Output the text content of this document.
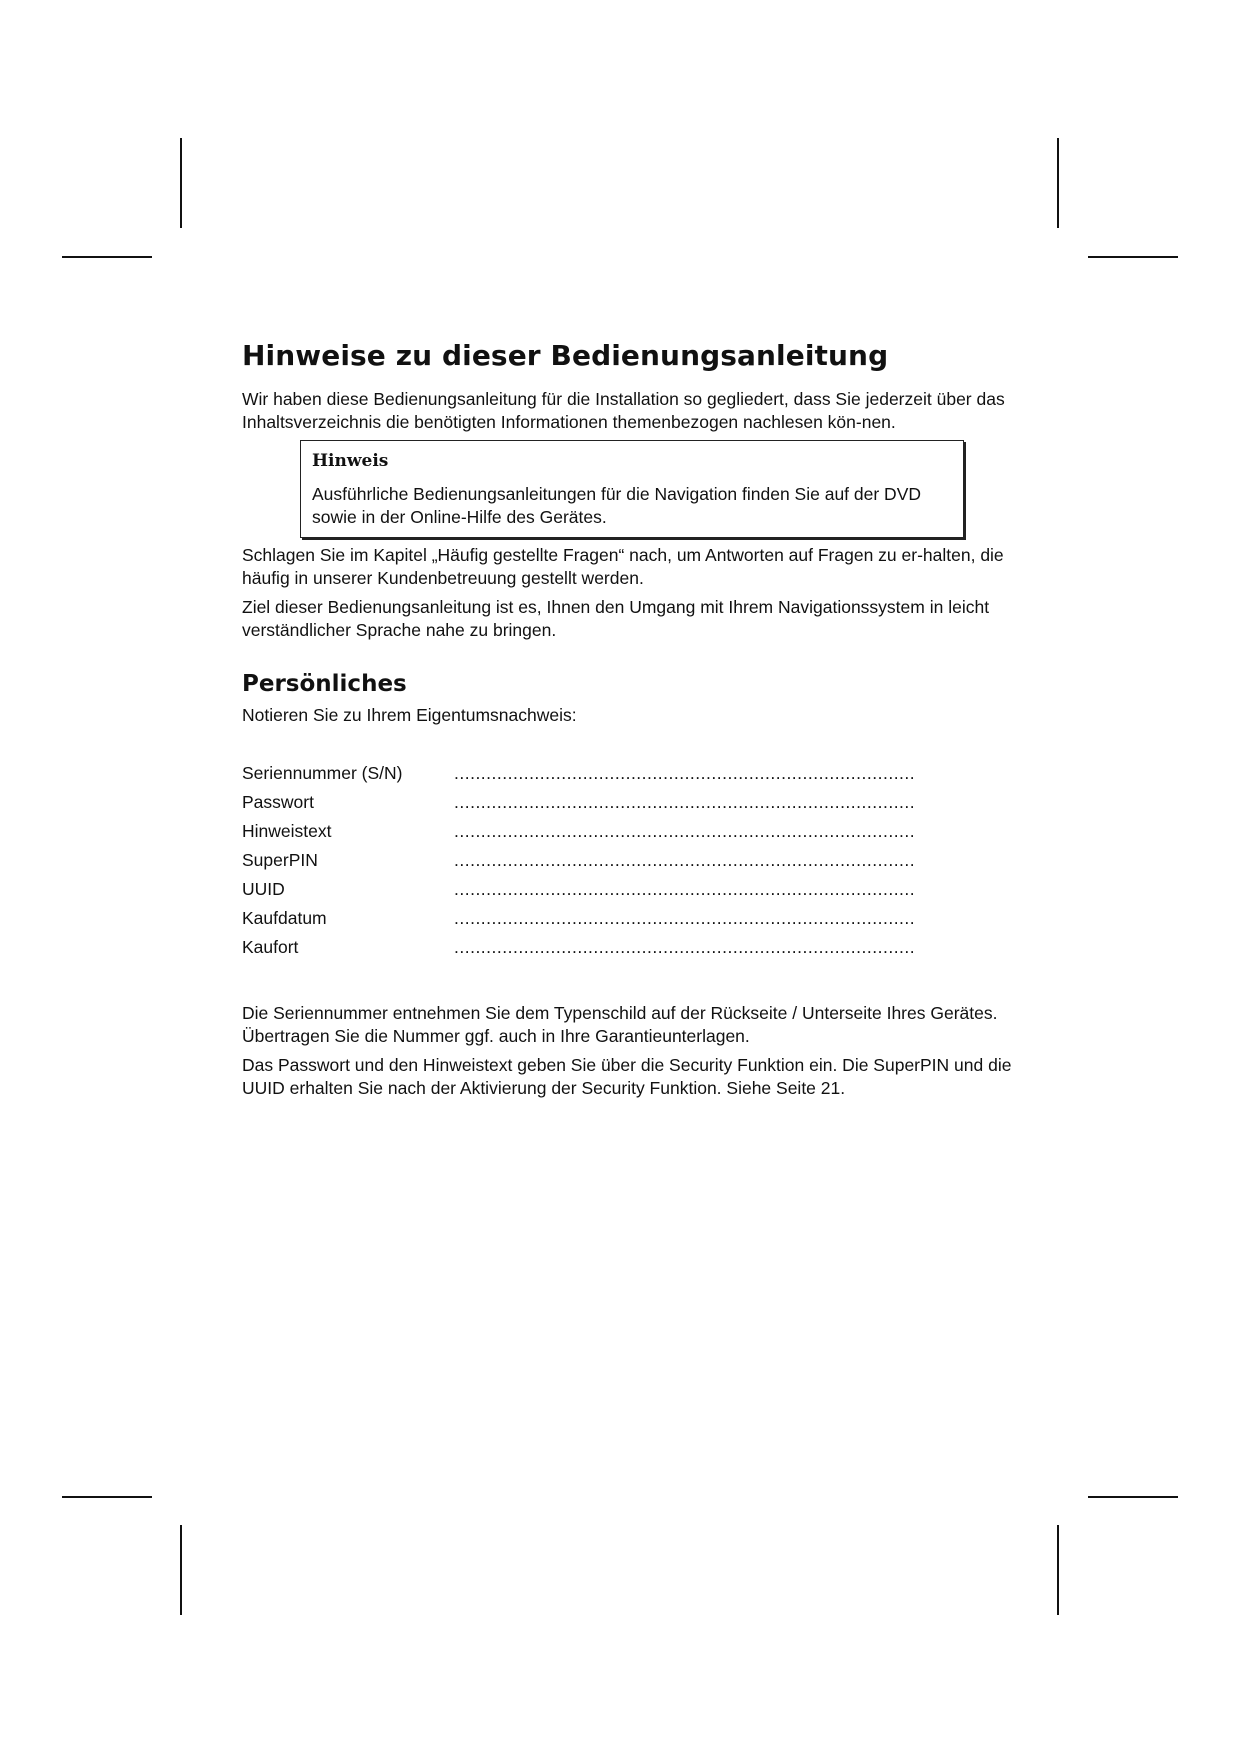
Hinweise zu dieser Bedienungsanleitung

Wir haben diese Bedienungsanleitung für die Installation so gegliedert, dass Sie jederzeit über das Inhaltsverzeichnis die benötigten Informationen themenbezogen nachlesen kön-nen.

Hinweis

Ausführliche Bedienungsanleitungen für die Navigation finden Sie auf der DVD sowie in der Online-Hilfe des Gerätes.

Schlagen Sie im Kapitel „Häufig gestellte Fragen“ nach, um Antworten auf Fragen zu er-halten, die häufig in unserer Kundenbetreuung gestellt werden.

Ziel dieser Bedienungsanleitung ist es, Ihnen den Umgang mit Ihrem Navigationssystem in leicht verständlicher Sprache nahe zu bringen.

Persönliches

Notieren Sie zu Ihrem Eigentumsnachweis:

Seriennummer (S/N)	......................................................................................
Passwort	......................................................................................
Hinweistext	......................................................................................
SuperPIN	......................................................................................
UUID	......................................................................................
Kaufdatum	......................................................................................
Kaufort	......................................................................................

Die Seriennummer entnehmen Sie dem Typenschild auf der Rückseite / Unterseite Ihres Gerätes. Übertragen Sie die Nummer ggf. auch in Ihre Garantieunterlagen.

Das Passwort und den Hinweistext geben Sie über die Security Funktion ein. Die SuperPIN und die UUID erhalten Sie nach der Aktivierung der Security Funktion. Siehe Seite 21.
